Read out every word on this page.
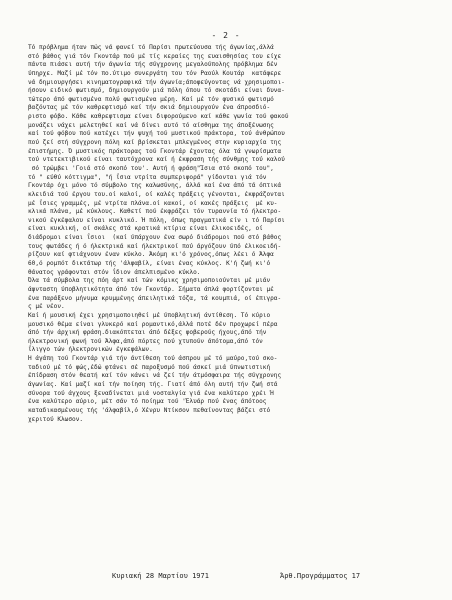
- 2 -
Τό πρόβλημα ήταν πώς νά φανεί τό Παρίσι πρωτεύουσα τής άγωνίας,άλλά
στό βάθος γιά τόν Γκοντάρ πού μέ τίς κεραίες της ευαισθησίας του είχε
πάντα πιάσει αυτή τήν άγωνία τής σύγχρονης μεγαλούπολης πρόβλημα δέν
ύπηρχε. Μαζί μέ τόν πο.ύτιμο συνεργάτη του τόν Ραούλ Κουτάρ  κατάφερε
νά δημιουργήσει κινηματογραφικά τήν άγωνία;άποφεύγοντας νά χρησιμοποι-
ήσουν ειδικό φωτισμό, δημιουργούν μιά πόλη όπου τό σκοτάδι είναι δυνα-
τώτερο άπό φωτισμένα πολύ φωτισμένα μέρη. Καί μέ τόν φυσικό φωτισμό
βαζόντας μέ τόν καθρεφτισμό καί τήν σκιά δημιουργούν ένα άπροσδιό-
ριστο φόβο. Κάθε καθρεφτισμα είναι διφορούμενο καί κάθε γωνία τού φακού
μονάζει νάχει μελετηθεί καί νά δίνει αυτό τό αίσθημα της άποξένωσης
καί τού φόβου πού κατέχει τήν ψυχή τού μυστικού πράκτορα, τού άνθρώπου
πού ζεί στή σύγχρονη πόλη καί βρίσκεται μπλεγμένος στην κυριαρχία της
έπιστήμης. Ό μυστικός πράκτορας τού Γκοντάρ έχοντας όλα τά γνωρίσματα
τού ντετεκτιβικού είναι ταυτόχρονα καί ή έκφραση τής σύνθμης τού καλού
σό τρώμβει 'Γοιά στό σκοπό του'. Αυτή ή φράση"Ίσια στό σκοπό του",
τό " εύθύ κόττιγμα", "ή ΐσια ντρίτα συμπεριφορά" γίδονται γιά τόν
Γκοντάρ όχι μόνο τό σύμβολο της καλωσύνης, άλλά καί ένα άπό τά όπτικά
κλειδιά τού έργου του.οί καλοί, οί καλές πράξεις γένονται, έκφράζονται
μέ ΐσιες γραμμές, μέ ντρίτα πλάνα.οί κακοί, οί κακές πράξεις  μέ κυ-
κλικά πλάνα, μέ κύκλους. Καθετί πού έκφράζει τόν τυραννία τό ήλεκτρο-
νικού έγκέφαλου είναι κυκλικό. Ή πόλη, όπως πραγματικά είν ι τό Παρίσι
είναι κυκλική, οί σκάλες στά κρατικά κτίρια είναι έλικοειδές, οί
διάδρομοι είναι ΐσιοι  (καί ύπάρχουν ένα σωρό διάδρομοι πού στό βάθος
τους φωτάδες ή ό ήλεκτρικά καί ήλεκτρικοί πού άργόζουν ύπό έλικοειδή-
ρίζουν καί φτιάχνουν έναν κύκλο. Άκόμη κι'ό χρόνος,όπως λέει ό Άλφα
60,ό ρομπότ δικτάτωρ τής 'άλφαβίλ, είναι ένας κύκλος. Κ'ή ζωή κι'ό
θάνατος γράφονται στόν ΐδιον άπελπισμένο κύκλο.
Όλα τά σύμβολα της πόη άρτ καί τών κόμικς χρησιμοποιούνται μέ μιάν
άφνταστη ύποβλητικότητα άπό τόν Γκοντάρ. Σήματα άπλά φορτίζονται μέ
ένα παράξενο μήνυμα κρυμμένης άπειλητικά τόζα, τά κουμπιά, οί έπιγρα-
ς μέ νέον.
Καί ή μουσική έχει χρησιμοποιηθεί μέ ύποβλητική άντίθεση. Τό κύριο
μουσικό θέμα είναι γλυκερό καί ρομαντικό,άλλά ποτέ δέν προχωρεί πέρα
άπό τήν άρχική φράση.διακόπτεται άπό δέξες φοβερούς ήχους,άπό τήν
ήλεκτρονική φωνή τού Άλφα,άπό πόρτες πού χτυπούν άπότομα,άπό τόν
ΐλιγγο τών ήλεκτρονικών έγκεφάλων.
Ή άγάπη τού Γκοντάρ γιά τήν άντίθεση τού άσπρου μέ τό μαύρο,τού σκο-
ταδιού μέ τό φώς,έδώ φτάνει σέ παροξυσμό πού άσκεί μιά ύπνωτιστική
έπίδραση στόν θεατή καί τόν κάνει νά ζεί τήν άτμόσφαιρα τής σύγχρονης
άγωνίας. Καί μαζί καί τήν ποίηση τής. Γιατί άπό όλη αυτή τήν ζωή στά
σύνορα τού άγχους ξεναδίνεται μιά νοσταλγία γιά ένα καλύτερο χρέι Ή
ένα καλύτερο αύριο, μέτ σάν τό ποίημα τού 'Έλυάρ πού ένας άπότοος
καταδικασμένους τής 'άλφαβίλ,ό Χένρυ Ντίκσον πεθαίνοντας βάζει στό
χεριτού Κλωσον.
Κυριακή 28 Μαρτίου 1971	Άρθ.Προγράμματος 17
